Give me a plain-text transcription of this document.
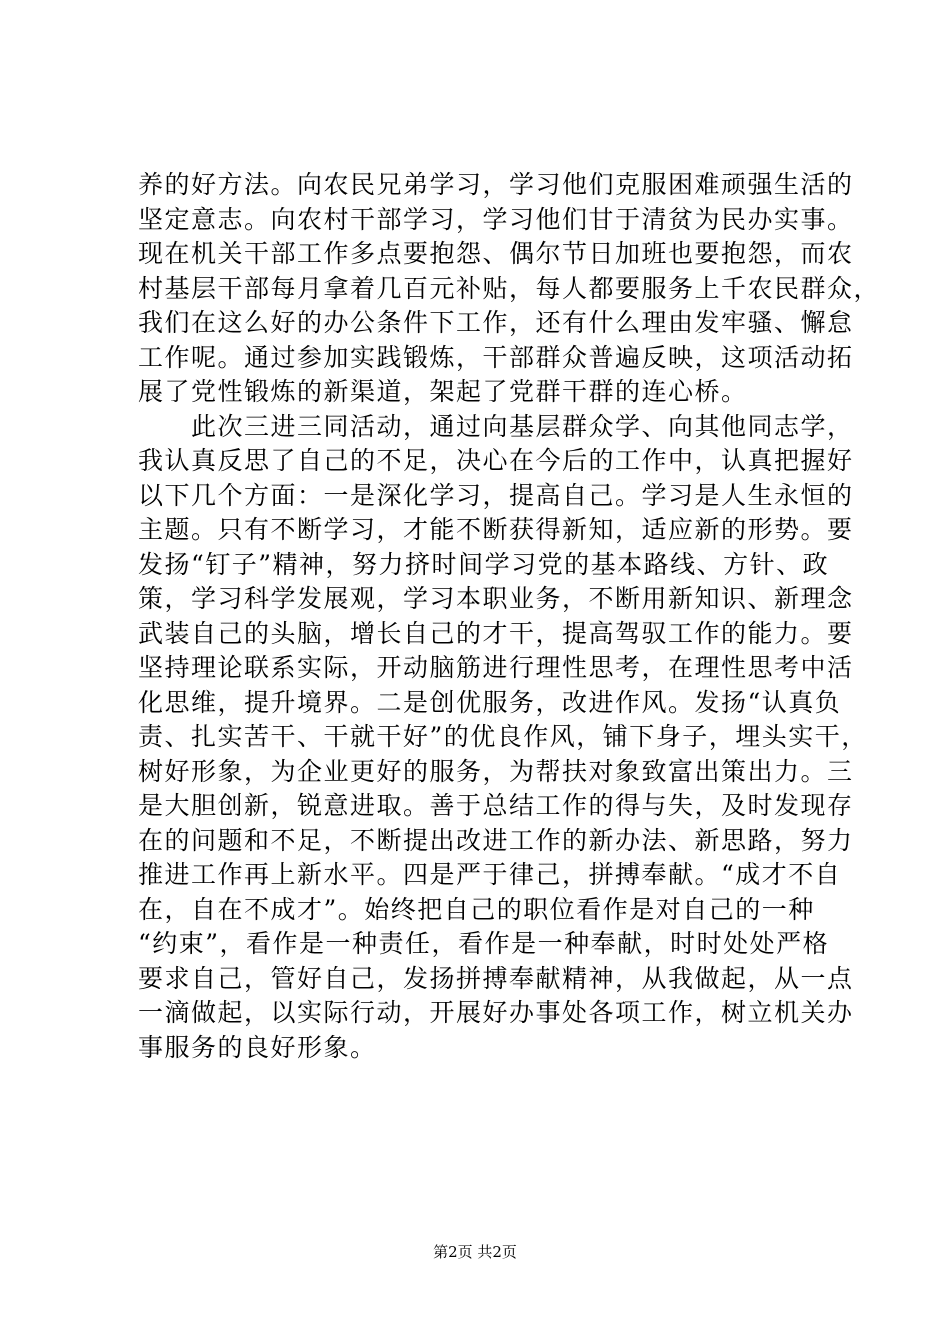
养的好方法。向农民兄弟学习，学习他们克服困难顽强生活的
坚定意志。向农村干部学习，学习他们甘于清贫为民办实事。
现在机关干部工作多点要抱怨、偶尔节日加班也要抱怨，而农
村基层干部每月拿着几百元补贴，每人都要服务上千农民群众，
我们在这么好的办公条件下工作，还有什么理由发牢骚、懈怠
工作呢。通过参加实践锻炼，干部群众普遍反映，这项活动拓
展了党性锻炼的新渠道，架起了党群干群的连心桥。
　　此次三进三同活动，通过向基层群众学、向其他同志学，
我认真反思了自己的不足，决心在今后的工作中，认真把握好
以下几个方面：一是深化学习，提高自己。学习是人生永恒的
主题。只有不断学习，才能不断获得新知，适应新的形势。要
发扬“钉子”精神，努力挤时间学习党的基本路线、方针、政
策，学习科学发展观，学习本职业务，不断用新知识、新理念
武装自己的头脑，增长自己的才干，提高驾驭工作的能力。要
坚持理论联系实际，开动脑筋进行理性思考，在理性思考中活
化思维，提升境界。二是创优服务，改进作风。发扬“认真负
责、扎实苦干、干就干好”的优良作风，铺下身子，埋头实干，
树好形象，为企业更好的服务，为帮扶对象致富出策出力。三
是大胆创新，锐意进取。善于总结工作的得与失，及时发现存
在的问题和不足，不断提出改进工作的新办法、新思路，努力
推进工作再上新水平。四是严于律己，拼搏奉献。“成才不自
在，自在不成才”。始终把自己的职位看作是对自己的一种
“约束”，看作是一种责任，看作是一种奉献，时时处处严格
要求自己，管好自己，发扬拼搏奉献精神，从我做起，从一点
一滴做起，以实际行动，开展好办事处各项工作，树立机关办
事服务的良好形象。
第2页 共2页
